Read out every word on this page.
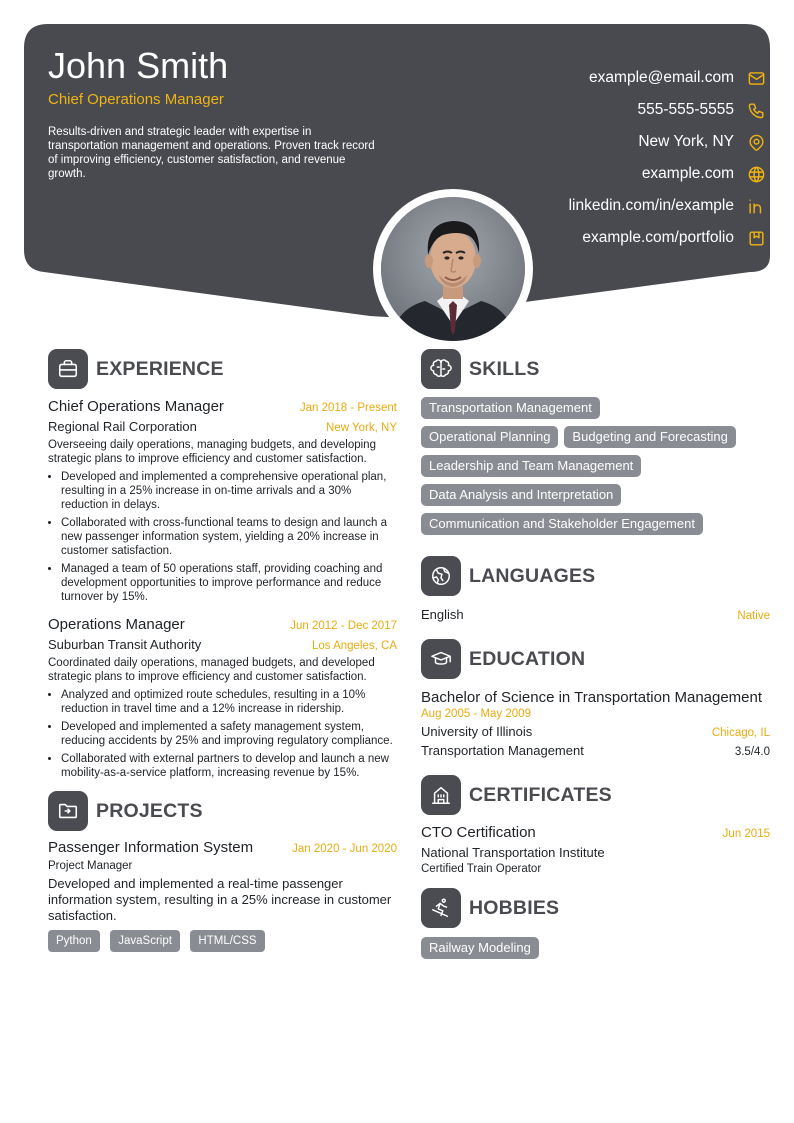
John Smith
Chief Operations Manager
Results-driven and strategic leader with expertise in transportation management and operations. Proven track record of improving efficiency, customer satisfaction, and revenue growth.
example@email.com
555-555-5555
New York, NY
example.com
linkedin.com/in/example
example.com/portfolio
EXPERIENCE
Chief Operations Manager	Jan 2018 - Present
Regional Rail Corporation	New York, NY
Overseeing daily operations, managing budgets, and developing strategic plans to improve efficiency and customer satisfaction.
• Developed and implemented a comprehensive operational plan, resulting in a 25% increase in on-time arrivals and a 30% reduction in delays.
• Collaborated with cross-functional teams to design and launch a new passenger information system, yielding a 20% increase in customer satisfaction.
• Managed a team of 50 operations staff, providing coaching and development opportunities to improve performance and reduce turnover by 15%.
Operations Manager	Jun 2012 - Dec 2017
Suburban Transit Authority	Los Angeles, CA
Coordinated daily operations, managed budgets, and developed strategic plans to improve efficiency and customer satisfaction.
• Analyzed and optimized route schedules, resulting in a 10% reduction in travel time and a 12% increase in ridership.
• Developed and implemented a safety management system, reducing accidents by 25% and improving regulatory compliance.
• Collaborated with external partners to develop and launch a new mobility-as-a-service platform, increasing revenue by 15%.
PROJECTS
Passenger Information System	Jan 2020 - Jun 2020
Project Manager
Developed and implemented a real-time passenger information system, resulting in a 25% increase in customer satisfaction.
Python JavaScript HTML/CSS
SKILLS
Transportation Management
Operational Planning Budgeting and Forecasting
Leadership and Team Management
Data Analysis and Interpretation
Communication and Stakeholder Engagement
LANGUAGES
English	Native
EDUCATION
Bachelor of Science in Transportation Management
Aug 2005 - May 2009
University of Illinois	Chicago, IL
Transportation Management	3.5/4.0
CERTIFICATES
CTO Certification	Jun 2015
National Transportation Institute
Certified Train Operator
HOBBIES
Railway Modeling
